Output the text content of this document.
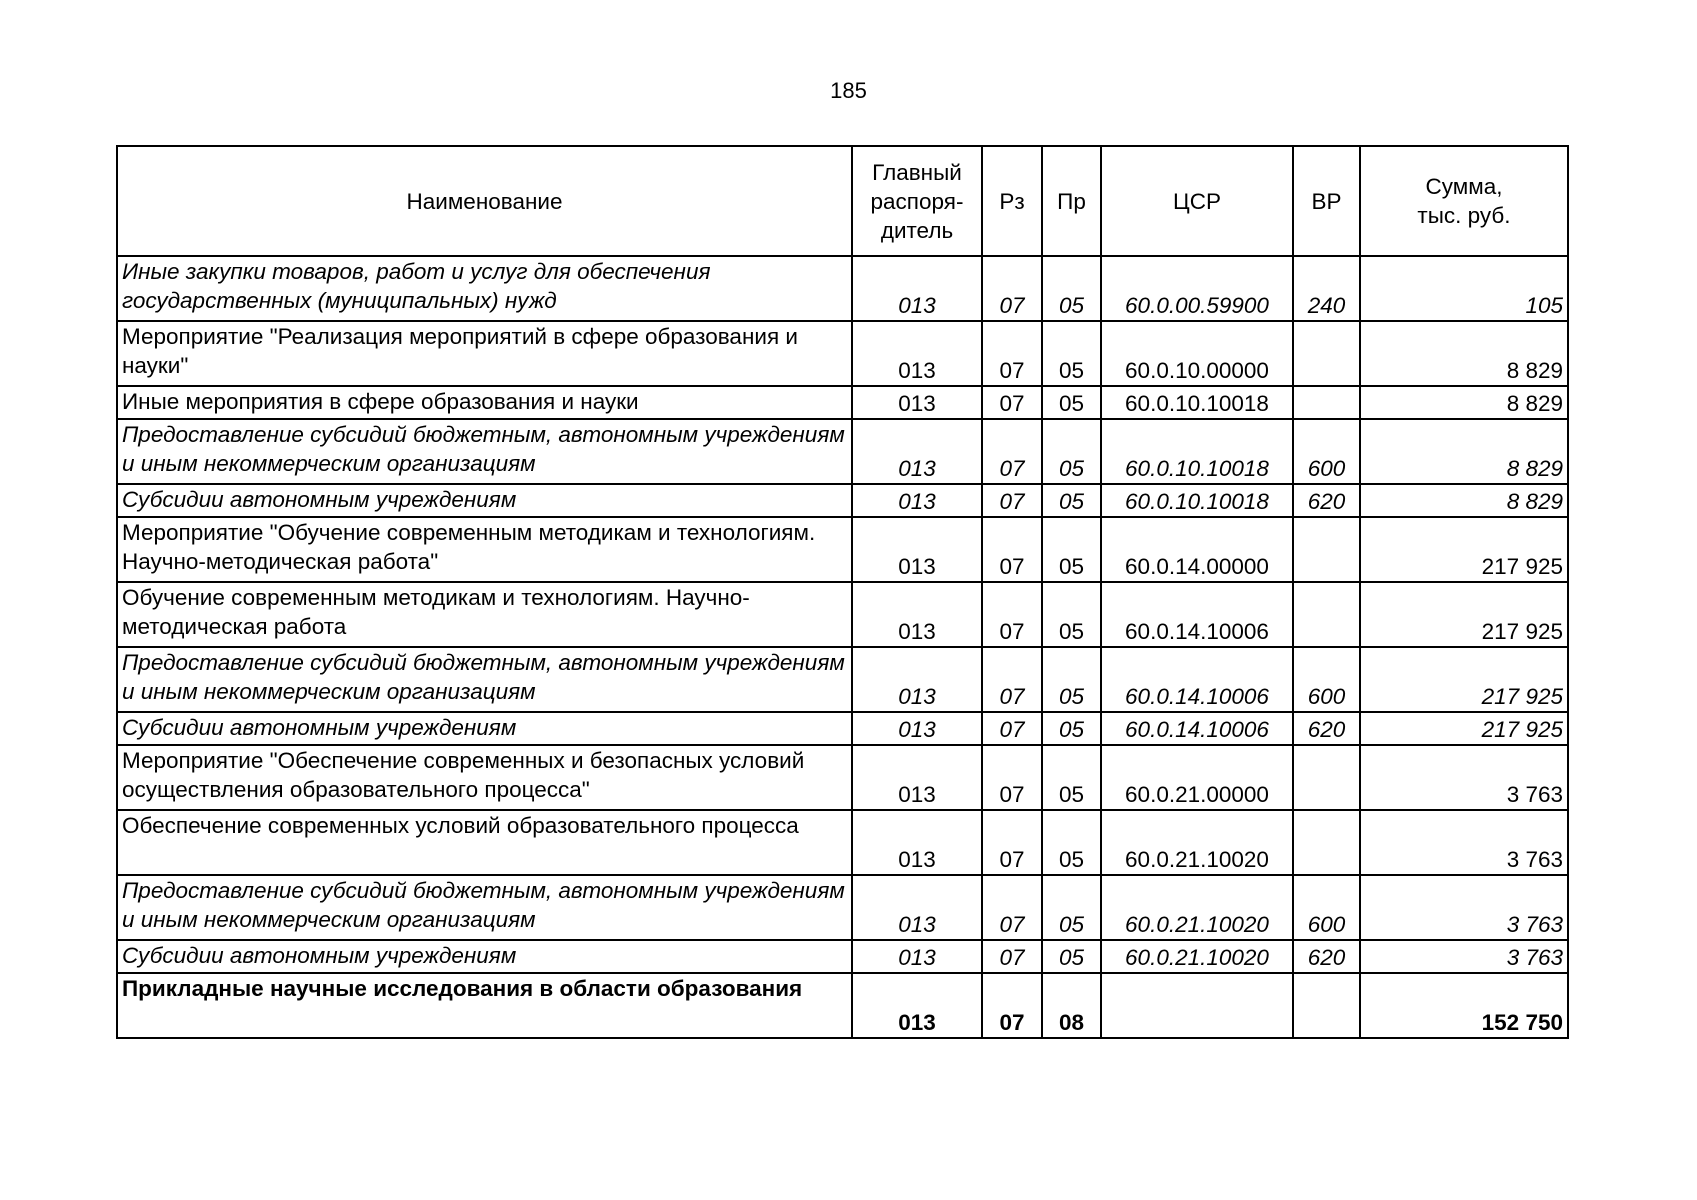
185
Наименование	Главный распоря-дитель	Рз	Пр	ЦСР	ВР	Сумма, тыс. руб.
Иные закупки товаров, работ и услуг для обеспечения государственных (муниципальных) нужд	013	07	05	60.0.00.59900	240	105
Мероприятие "Реализация мероприятий в сфере образования и науки"	013	07	05	60.0.10.00000		8 829
Иные мероприятия в сфере образования и науки	013	07	05	60.0.10.10018		8 829
Предоставление субсидий бюджетным, автономным учреждениям и иным некоммерческим организациям	013	07	05	60.0.10.10018	600	8 829
Субсидии автономным учреждениям	013	07	05	60.0.10.10018	620	8 829
Мероприятие "Обучение современным методикам и технологиям. Научно-методическая работа"	013	07	05	60.0.14.00000		217 925
Обучение современным методикам и технологиям. Научно-методическая работа	013	07	05	60.0.14.10006		217 925
Предоставление субсидий бюджетным, автономным учреждениям и иным некоммерческим организациям	013	07	05	60.0.14.10006	600	217 925
Субсидии автономным учреждениям	013	07	05	60.0.14.10006	620	217 925
Мероприятие "Обеспечение современных и безопасных условий осуществления образовательного процесса"	013	07	05	60.0.21.00000		3 763
Обеспечение современных условий образовательного процесса	013	07	05	60.0.21.10020		3 763
Предоставление субсидий бюджетным, автономным учреждениям и иным некоммерческим организациям	013	07	05	60.0.21.10020	600	3 763
Субсидии автономным учреждениям	013	07	05	60.0.21.10020	620	3 763
Прикладные научные исследования в области образования	013	07	08			152 750
